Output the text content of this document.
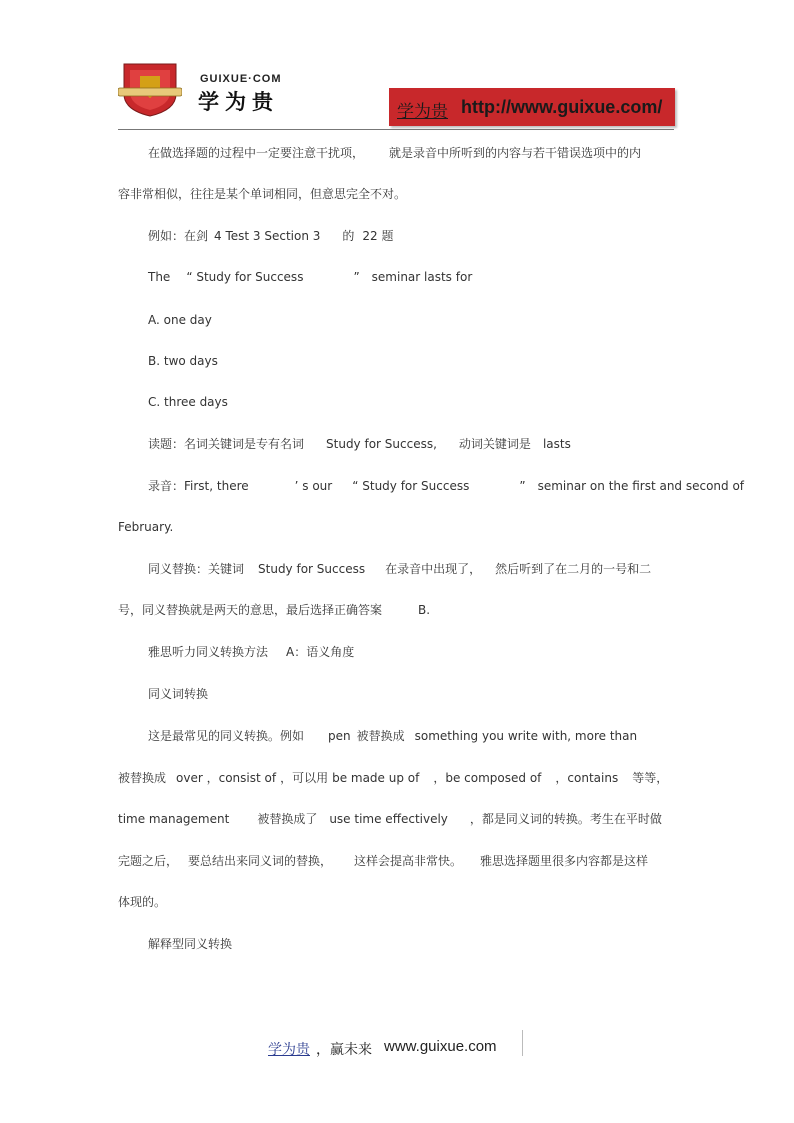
GUIXUE·COM
学为贵	学为贵 http://www.guixue.com/
在做选择题的过程中一定要注意干扰项， 就是录音中所听到的内容与若干错误选项中的内
容非常相似，往往是某个单词相同，但意思完全不对。
例如：在剑 4 Test 3 Section 3 的 22 题
The “ Study for Success	” seminar lasts for
A. one day
B. two days
C. three days
读题：名词关键词是专有名词 Study for Success, 动词关键词是 lasts
录音：First, there	’ s our “ Study for Success	” seminar on the first and second of
February.
同义替换：关键词 Study for Success 在录音中出现了， 然后听到了在二月的一号和二
号，同义替换就是两天的意思，最后选择正确答案	B.
雅思听力同义转换方法 A：语义角度
同义词转换
这是最常见的同义转换。例如 pen 被替换成 something you write with, more than
被替换成 over ，consist of ，可以用 be made up of ，be composed of ，contains 等等，
time management 被替换成了 use time effectively ，都是同义词的转换。考生在平时做
完题之后， 要总结出来同义词的替换， 这样会提高非常快。 雅思选择题里很多内容都是这样
体现的。
解释型同义转换
学为贵 ，赢未来 www.guixue.com
